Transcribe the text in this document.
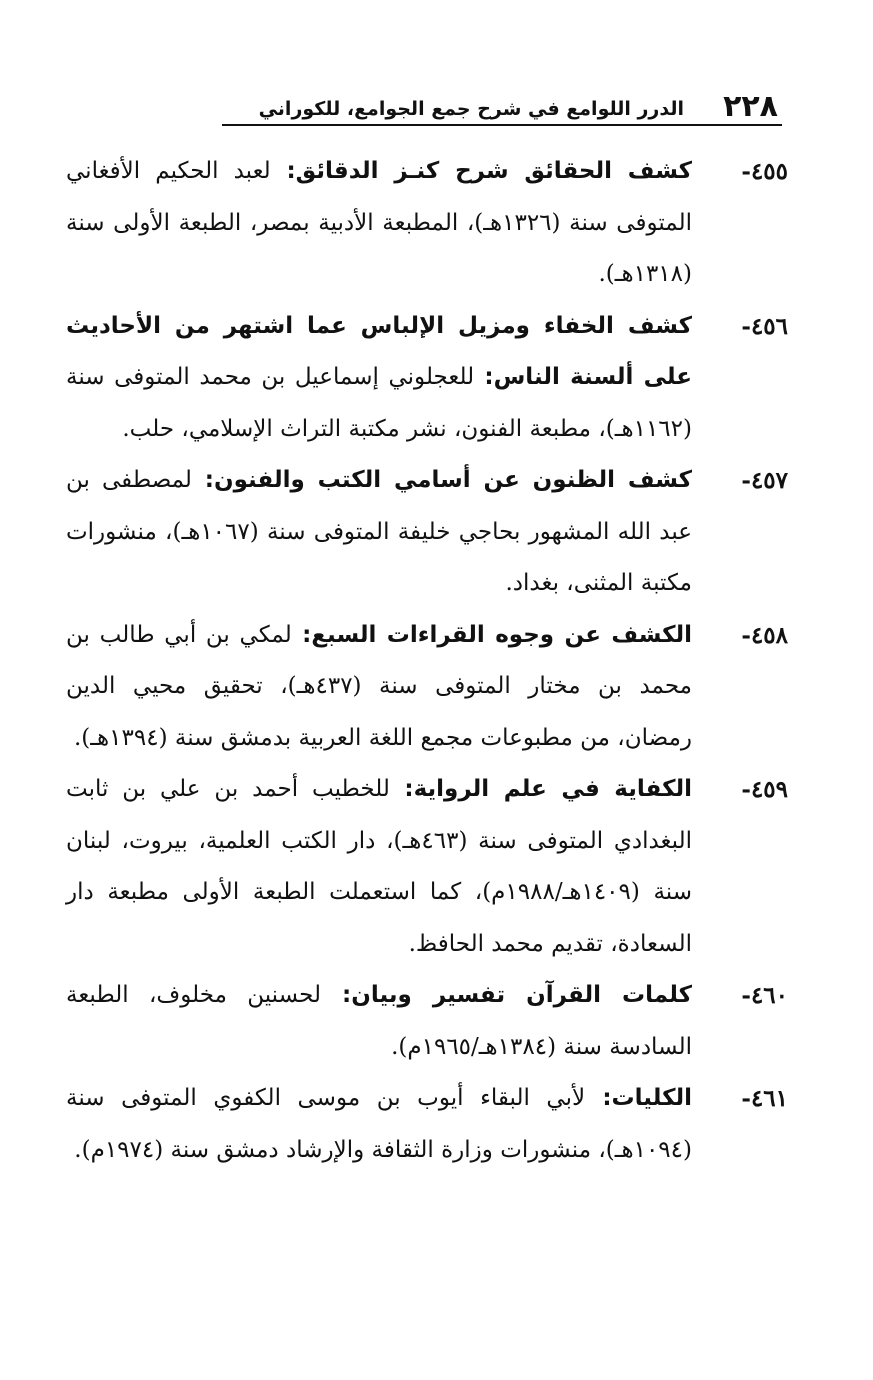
٢٢٨
الدرر اللوامع في شرح جمع الجوامع، للكوراني
٤٥٥-
كشف الحقائق شرح كنـز الدقائق: لعبد الحكيم الأفغاني المتوفى سنة (١٣٢٦هـ)، المطبعة الأدبية بمصر، الطبعة الأولى سنة (١٣١٨هـ).
٤٥٦-
كشف الخفاء ومزيل الإلباس عما اشتهر من الأحاديث على ألسنة الناس: للعجلوني إسماعيل بن محمد المتوفى سنة (١١٦٢هـ)، مطبعة الفنون، نشر مكتبة التراث الإسلامي، حلب.
٤٥٧-
كشف الظنون عن أسامي الكتب والفنون: لمصطفى بن عبد الله المشهور بحاجي خليفة المتوفى سنة (١٠٦٧هـ)، منشورات مكتبة المثنى، بغداد.
٤٥٨-
الكشف عن وجوه القراءات السبع: لمكي بن أبي طالب بن محمد بن مختار المتوفى سنة (٤٣٧هـ)، تحقيق محيي الدين رمضان، من مطبوعات مجمع اللغة العربية بدمشق سنة (١٣٩٤هـ).
٤٥٩-
الكفاية في علم الرواية: للخطيب أحمد بن علي بن ثابت البغدادي المتوفى سنة (٤٦٣هـ)، دار الكتب العلمية، بيروت، لبنان سنة (١٤٠٩هـ/١٩٨٨م)، كما استعملت الطبعة الأولى مطبعة دار السعادة، تقديم محمد الحافظ.
٤٦٠-
كلمات القرآن تفسير وبيان: لحسنين مخلوف، الطبعة السادسة سنة (١٣٨٤هـ/١٩٦٥م).
٤٦١-
الكليات: لأبي البقاء أيوب بن موسى الكفوي المتوفى سنة (١٠٩٤هـ)، منشورات وزارة الثقافة والإرشاد دمشق سنة (١٩٧٤م).
